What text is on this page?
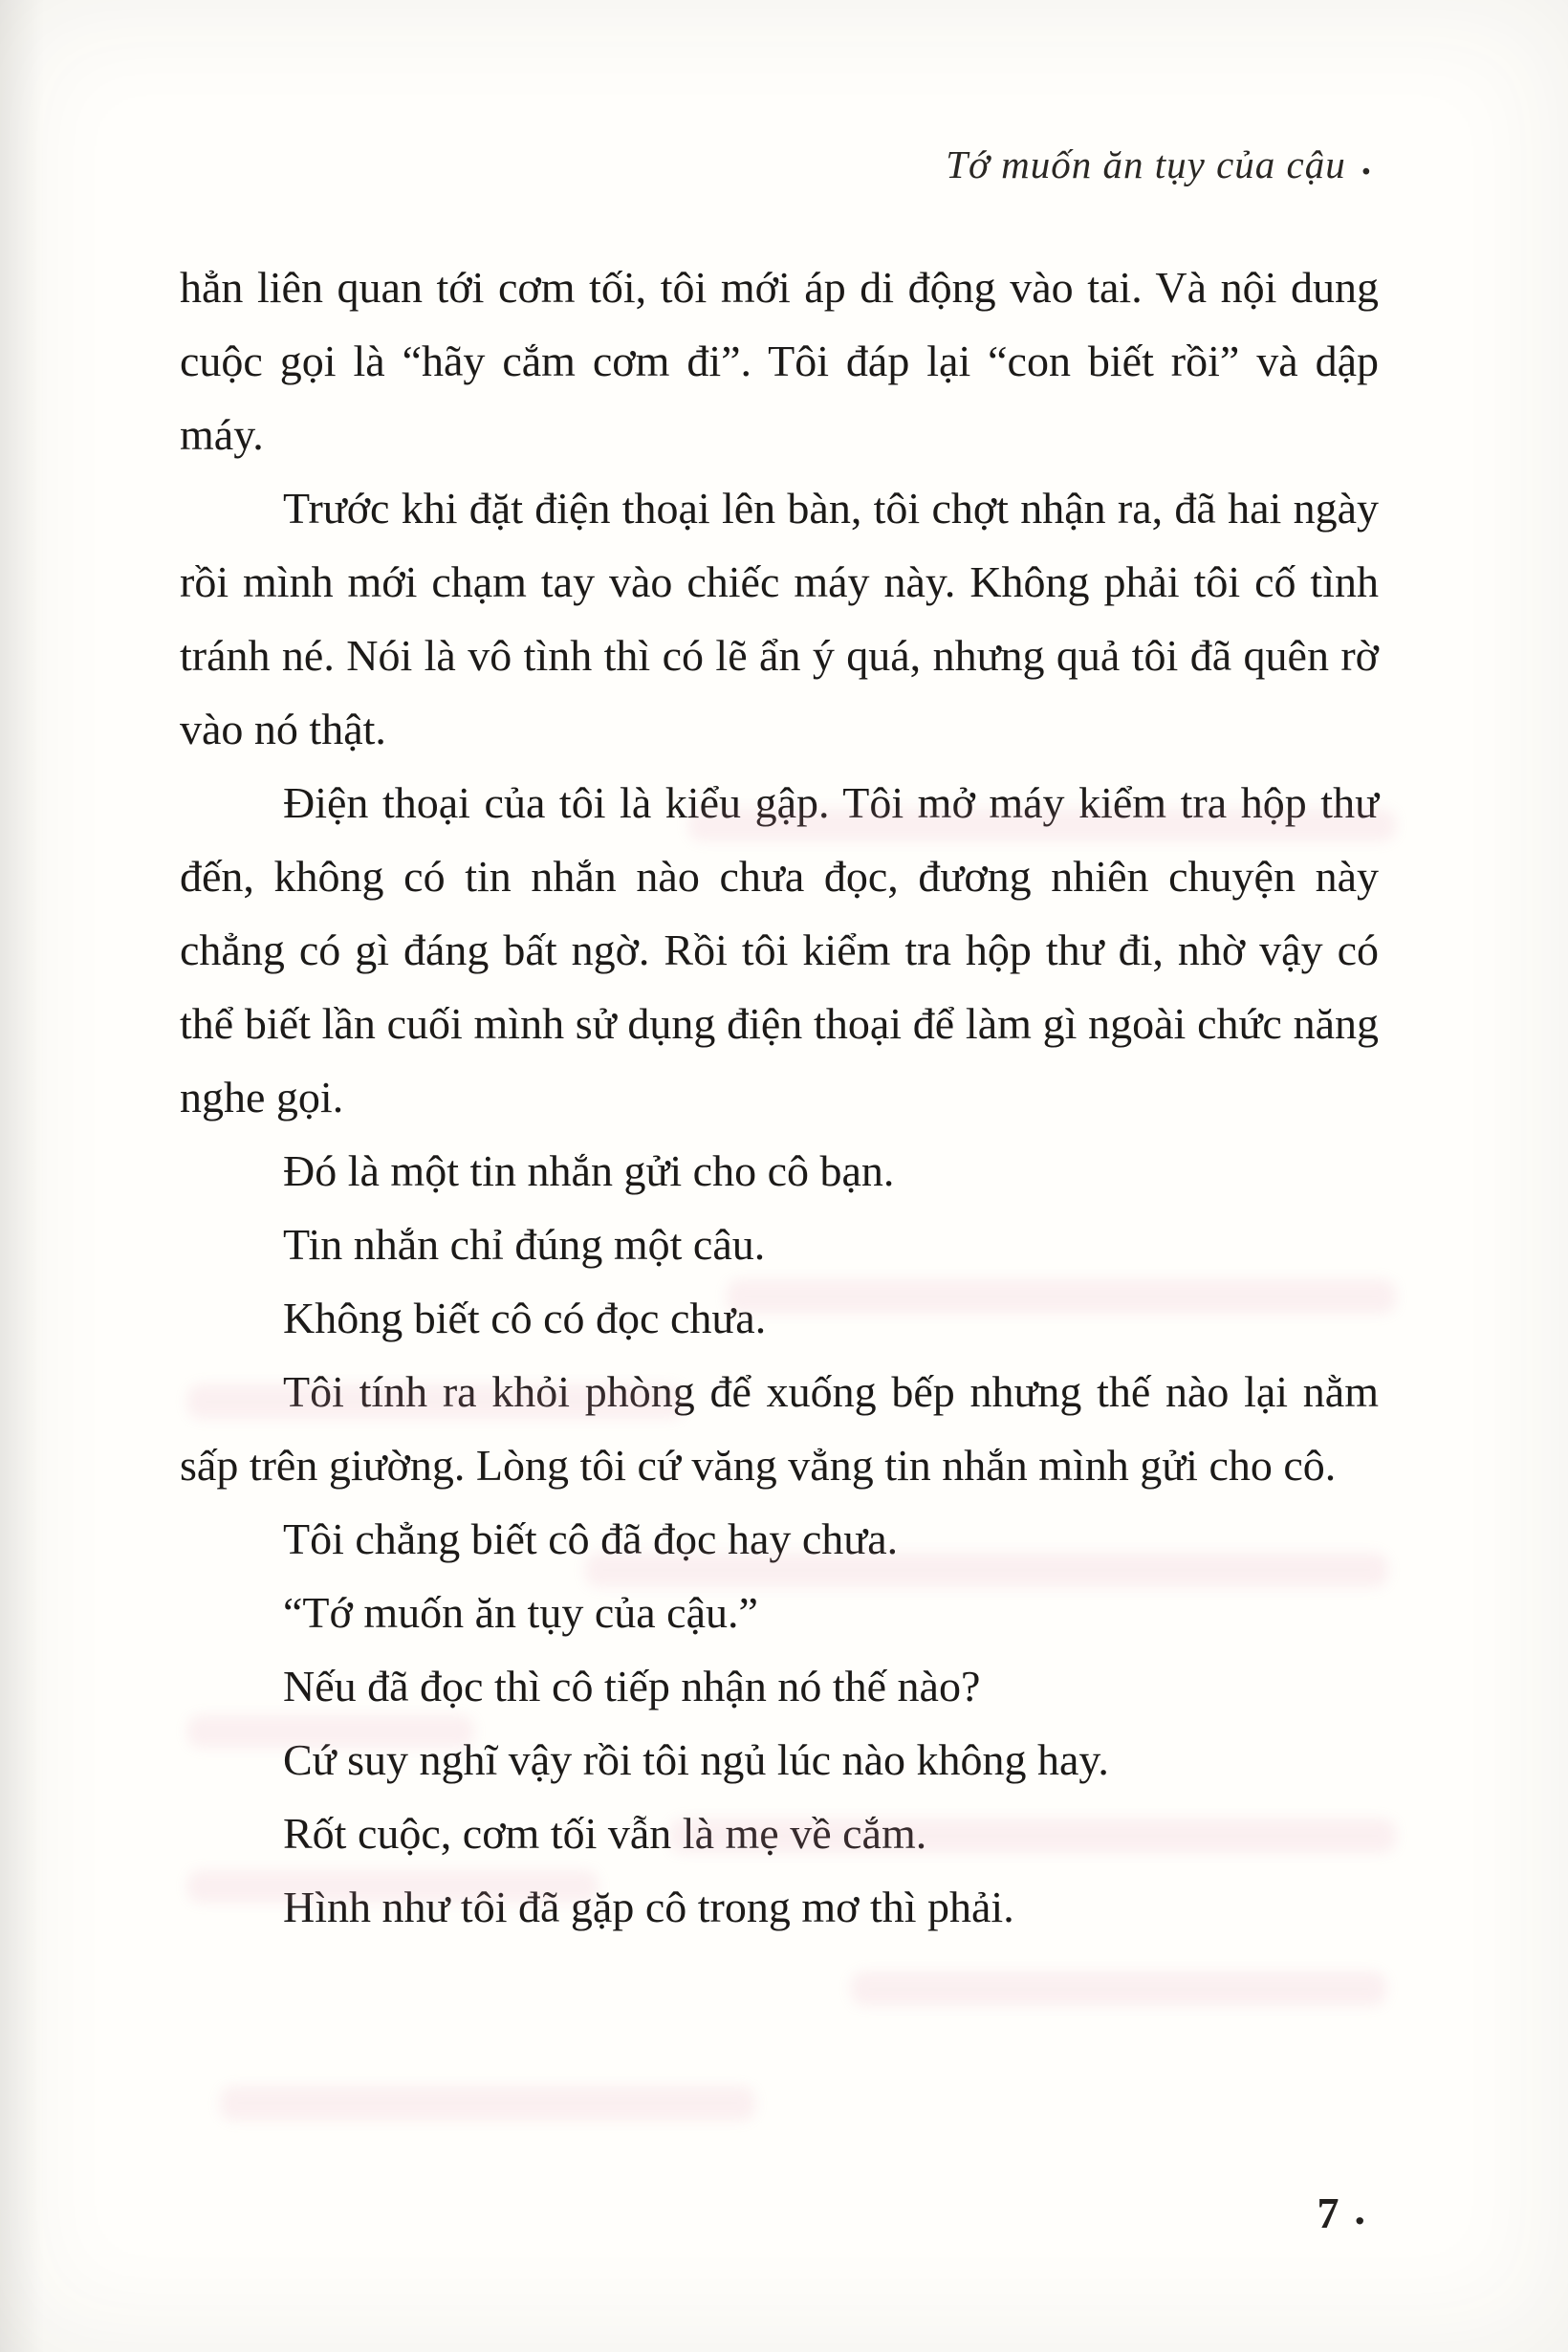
Tớ muốn ăn tụy của cậu .

hẳn liên quan tới cơm tối, tôi mới áp di động vào tai. Và nội dung cuộc gọi là “hãy cắm cơm đi”. Tôi đáp lại “con biết rồi” và dập máy.

Trước khi đặt điện thoại lên bàn, tôi chợt nhận ra, đã hai ngày rồi mình mới chạm tay vào chiếc máy này. Không phải tôi cố tình tránh né. Nói là vô tình thì có lẽ ẩn ý quá, nhưng quả tôi đã quên rờ vào nó thật.

Điện thoại của tôi là kiểu gập. Tôi mở máy kiểm tra hộp thư đến, không có tin nhắn nào chưa đọc, đương nhiên chuyện này chẳng có gì đáng bất ngờ. Rồi tôi kiểm tra hộp thư đi, nhờ vậy có thể biết lần cuối mình sử dụng điện thoại để làm gì ngoài chức năng nghe gọi.

Đó là một tin nhắn gửi cho cô bạn.

Tin nhắn chỉ đúng một câu.

Không biết cô có đọc chưa.

Tôi tính ra khỏi phòng để xuống bếp nhưng thế nào lại nằm sấp trên giường. Lòng tôi cứ văng vẳng tin nhắn mình gửi cho cô.

Tôi chẳng biết cô đã đọc hay chưa.

“Tớ muốn ăn tụy của cậu.”

Nếu đã đọc thì cô tiếp nhận nó thế nào?

Cứ suy nghĩ vậy rồi tôi ngủ lúc nào không hay.

Rốt cuộc, cơm tối vẫn là mẹ về cắm.

Hình như tôi đã gặp cô trong mơ thì phải.

7 .
